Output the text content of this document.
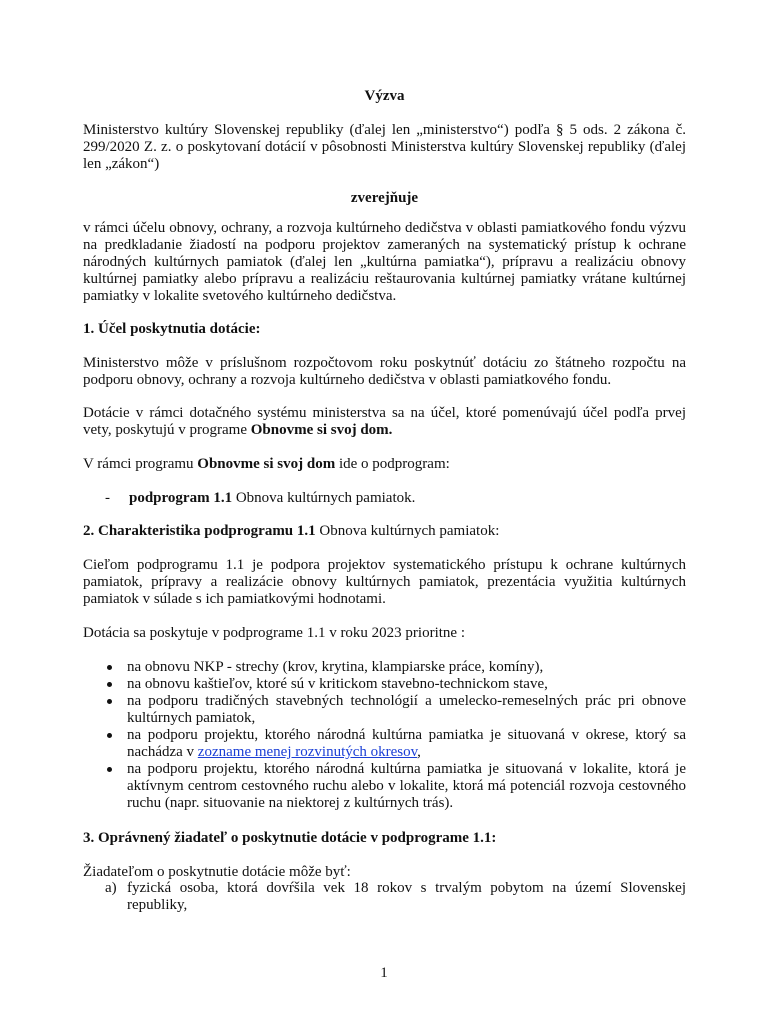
Výzva

Ministerstvo kultúry Slovenskej republiky (ďalej len „ministerstvo“) podľa § 5 ods. 2 zákona č. 299/2020 Z. z. o poskytovaní dotácií v pôsobnosti Ministerstva kultúry Slovenskej republiky (ďalej len „zákon“)

zverejňuje

v rámci účelu obnovy, ochrany, a rozvoja kultúrneho dedičstva v oblasti pamiatkového fondu výzvu na predkladanie žiadostí na podporu projektov zameraných na systematický prístup k ochrane národných kultúrnych pamiatok (ďalej len „kultúrna pamiatka“), prípravu a realizáciu obnovy kultúrnej pamiatky alebo prípravu a realizáciu reštaurovania kultúrnej pamiatky vrátane kultúrnej pamiatky v lokalite svetového kultúrneho dedičstva.

1. Účel poskytnutia dotácie:

Ministerstvo môže v príslušnom rozpočtovom roku poskytnúť dotáciu zo štátneho rozpočtu na podporu obnovy, ochrany a rozvoja kultúrneho dedičstva v oblasti pamiatkového fondu.

Dotácie v rámci dotačného systému ministerstva sa na účel, ktoré pomenúvajú účel podľa prvej vety, poskytujú v programe Obnovme si svoj dom.

V rámci programu Obnovme si svoj dom ide o podprogram:

- podprogram 1.1 Obnova kultúrnych pamiatok.

2. Charakteristika podprogramu 1.1 Obnova kultúrnych pamiatok:

Cieľom podprogramu 1.1 je podpora projektov systematického prístupu k ochrane kultúrnych pamiatok, prípravy a realizácie obnovy kultúrnych pamiatok, prezentácia využitia kultúrnych pamiatok v súlade s ich pamiatkovými hodnotami.

Dotácia sa poskytuje v podprograme 1.1 v roku 2023 prioritne :

na obnovu NKP - strechy (krov, krytina, klampiarske práce, komíny),
na obnovu kaštieľov, ktoré sú v kritickom stavebno-technickom stave,
na podporu tradičných stavebných technológií a umelecko-remeselných prác pri obnove kultúrnych pamiatok,
na podporu projektu, ktorého národná kultúrna pamiatka je situovaná v okrese, ktorý sa nachádza v zozname menej rozvinutých okresov,
na podporu projektu, ktorého národná kultúrna pamiatka je situovaná v lokalite, ktorá je aktívnym centrom cestovného ruchu alebo v lokalite, ktorá má potenciál rozvoja cestovného ruchu (napr. situovanie na niektorej z kultúrnych trás).

3. Oprávnený žiadateľ o poskytnutie dotácie v podprograme 1.1:

Žiadateľom o poskytnutie dotácie môže byť:

a) fyzická osoba, ktorá dovŕšila vek 18 rokov s trvalým pobytom na území Slovenskej republiky,
1
